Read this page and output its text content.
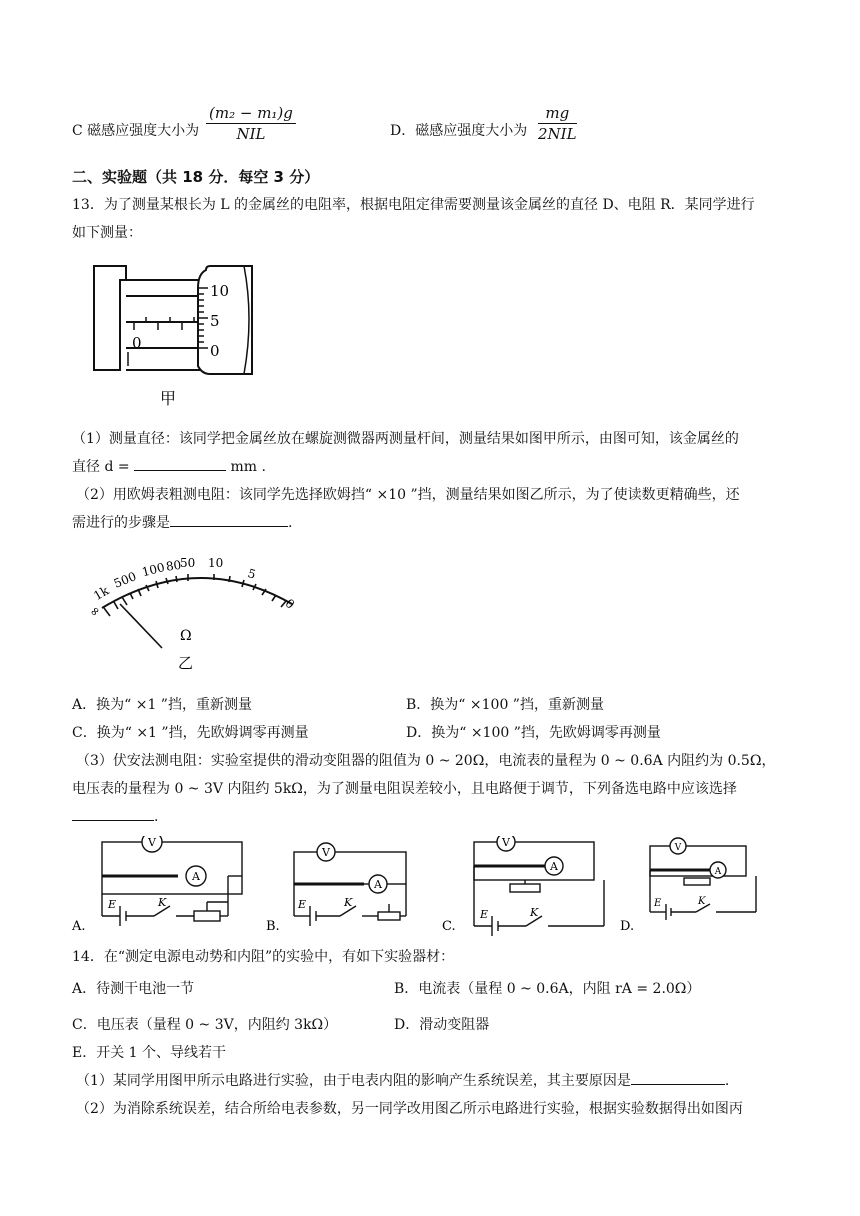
C 磁感应强度大小为
(m₂ − m₁)g
NIL	D．磁感应强度大小为
mg
2NIL
二、实验题（共 18 分．每空 3 分）
13．为了测量某根长为 L 的金属丝的电阻率，根据电阻定律需要测量该金属丝的直径 D、电阻 R．某同学进行
如下测量：
10
5
0
0
甲
（1）测量直径：该同学把金属丝放在螺旋测微器两测量杆间，测量结果如图甲所示，由图可知，该金属丝的
直径 d =	mm .
（2）用欧姆表粗测电阻：该同学先选择欧姆挡“ ×10 ”挡，测量结果如图乙所示，为了使读数更精确些，还
需进行的步骤是	.
∞
1k
500 100
80
50 10
5
0
Ω
乙
A．换为“ ×1 ”挡，重新测量	B．换为“ ×100 ”挡，重新测量
C．换为“ ×1 ”挡，先欧姆调零再测量	D．换为“ ×100 ”挡，先欧姆调零再测量
（3）伏安法测电阻：实验室提供的滑动变阻器的阻值为 0 ~ 20Ω，电流表的量程为 0 ~ 0.6A 内阻约为 0.5Ω，
电压表的量程为 0 ~ 3V 内阻约 5kΩ，为了测量电阻误差较小，且电路便于调节，下列备选电路中应该选择
.
V
A
V
A
V
A
V
A
E	K	E	K
E	K
E	K
A.	B.	C.	D.
14．在“测定电源电动势和内阻”的实验中，有如下实验器材：
A．待测干电池一节	B．电流表（量程 0 ~ 0.6A，内阻 rA = 2.0Ω）
C．电压表（量程 0 ~ 3V，内阻约 3kΩ）	D．滑动变阻器
E．开关 1 个、导线若干
（1）某同学用图甲所示电路进行实验，由于电表内阻的影响产生系统误差，其主要原因是	.
（2）为消除系统误差，结合所给电表参数，另一同学改用图乙所示电路进行实验，根据实验数据得出如图丙
